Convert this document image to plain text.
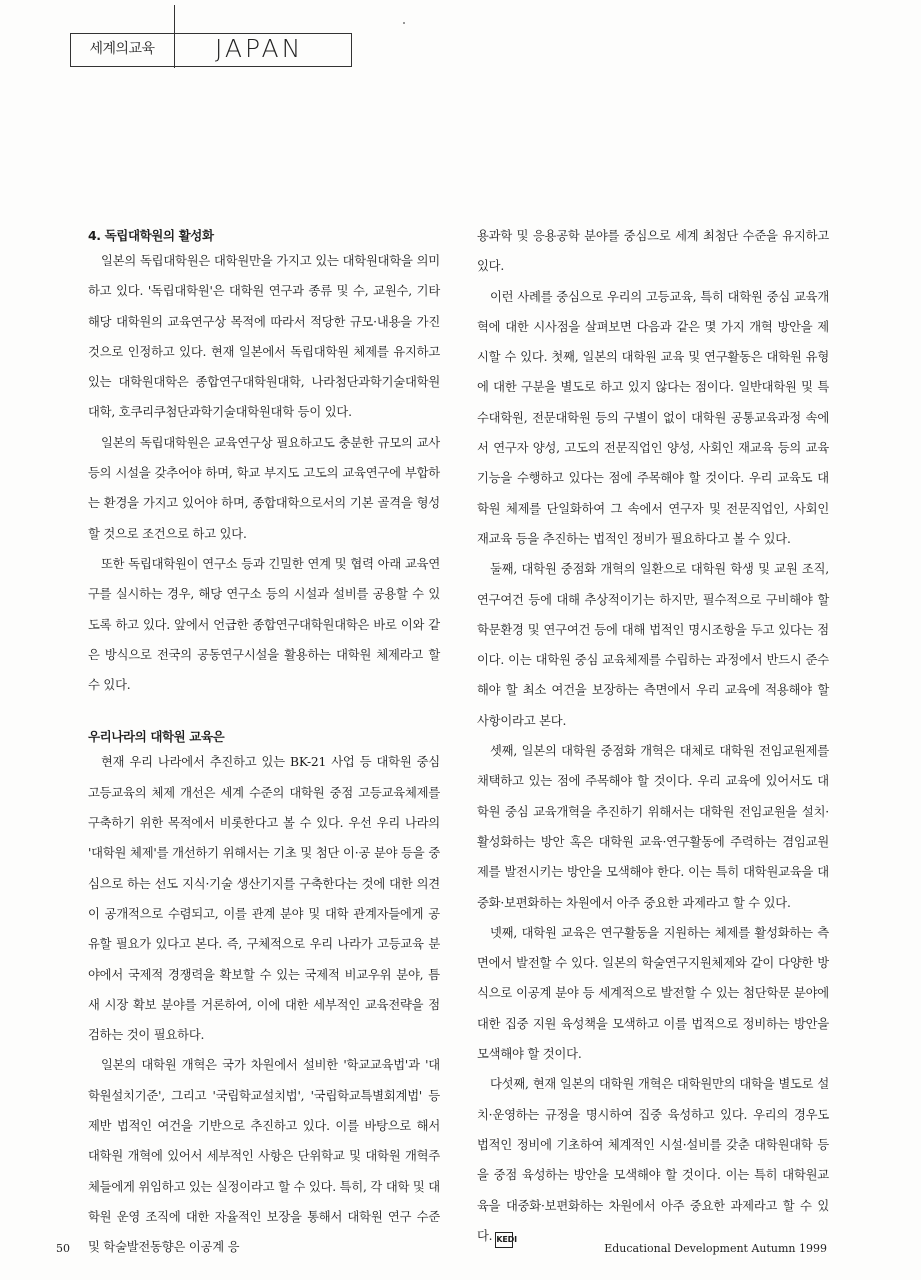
세계의교육	JAPAN
4. 독립대학원의 활성화

일본의 독립대학원은 대학원만을 가지고 있는 대학원대학을 의미하고 있다. '독립대학원'은 대학원 연구과 종류 및 수, 교원수, 기타 해당 대학원의 교육연구상 목적에 따라서 적당한 규모·내용을 가진 것으로 인정하고 있다. 현재 일본에서 독립대학원 체제를 유지하고 있는 대학원대학은 종합연구대학원대학, 나라첨단과학기술대학원대학, 호쿠리쿠첨단과학기술대학원대학 등이 있다.

일본의 독립대학원은 교육연구상 필요하고도 충분한 규모의 교사 등의 시설을 갖추어야 하며, 학교 부지도 고도의 교육연구에 부합하는 환경을 가지고 있어야 하며, 종합대학으로서의 기본 골격을 형성할 것으로 조건으로 하고 있다.

또한 독립대학원이 연구소 등과 긴밀한 연계 및 협력 아래 교육연구를 실시하는 경우, 해당 연구소 등의 시설과 설비를 공용할 수 있도록 하고 있다. 앞에서 언급한 종합연구대학원대학은 바로 이와 같은 방식으로 전국의 공동연구시설을 활용하는 대학원 체제라고 할 수 있다.

우리나라의 대학원 교육은

현재 우리 나라에서 추진하고 있는 BK-21 사업 등 대학원 중심 고등교육의 체제 개선은 세계 수준의 대학원 중점 고등교육체제를 구축하기 위한 목적에서 비롯한다고 볼 수 있다. 우선 우리 나라의 '대학원 체제'를 개선하기 위해서는 기초 및 첨단 이·공 분야 등을 중심으로 하는 선도 지식·기술 생산기지를 구축한다는 것에 대한 의견이 공개적으로 수렴되고, 이를 관계 분야 및 대학 관계자들에게 공유할 필요가 있다고 본다. 즉, 구체적으로 우리 나라가 고등교육 분야에서 국제적 경쟁력을 확보할 수 있는 국제적 비교우위 분야, 틈새 시장 확보 분야를 거론하여, 이에 대한 세부적인 교육전략을 점검하는 것이 필요하다.

일본의 대학원 개혁은 국가 차원에서 설비한 '학교교육법'과 '대학원설치기준', 그리고 '국립학교설치법', '국립학교특별회계법' 등 제반 법적인 여건을 기반으로 추진하고 있다. 이를 바탕으로 해서 대학원 개혁에 있어서 세부적인 사항은 단위학교 및 대학원 개혁주체들에게 위임하고 있는 실정이라고 할 수 있다. 특히, 각 대학 및 대학원 운영 조직에 대한 자율적인 보장을 통해서 대학원 연구 수준 및 학술발전동향은 이공계 응

용과학 및 응용공학 분야를 중심으로 세계 최첨단 수준을 유지하고 있다.

이런 사례를 중심으로 우리의 고등교육, 특히 대학원 중심 교육개혁에 대한 시사점을 살펴보면 다음과 같은 몇 가지 개혁 방안을 제시할 수 있다. 첫째, 일본의 대학원 교육 및 연구활동은 대학원 유형에 대한 구분을 별도로 하고 있지 않다는 점이다. 일반대학원 및 특수대학원, 전문대학원 등의 구별이 없이 대학원 공통교육과정 속에서 연구자 양성, 고도의 전문직업인 양성, 사회인 재교육 등의 교육기능을 수행하고 있다는 점에 주목해야 할 것이다. 우리 교육도 대학원 체제를 단일화하여 그 속에서 연구자 및 전문직업인, 사회인 재교육 등을 추진하는 법적인 정비가 필요하다고 볼 수 있다.

둘째, 대학원 중점화 개혁의 일환으로 대학원 학생 및 교원 조직, 연구여건 등에 대해 추상적이기는 하지만, 필수적으로 구비해야 할 학문환경 및 연구여건 등에 대해 법적인 명시조항을 두고 있다는 점이다. 이는 대학원 중심 교육체제를 수립하는 과정에서 반드시 준수해야 할 최소 여건을 보장하는 측면에서 우리 교육에 적용해야 할 사항이라고 본다.

셋째, 일본의 대학원 중점화 개혁은 대체로 대학원 전임교원제를 채택하고 있는 점에 주목해야 할 것이다. 우리 교육에 있어서도 대학원 중심 교육개혁을 추진하기 위해서는 대학원 전임교원을 설치·활성화하는 방안 혹은 대학원 교육·연구활동에 주력하는 겸임교원제를 발전시키는 방안을 모색해야 한다. 이는 특히 대학원교육을 대중화·보편화하는 차원에서 아주 중요한 과제라고 할 수 있다.

넷째, 대학원 교육은 연구활동을 지원하는 체제를 활성화하는 측면에서 발전할 수 있다. 일본의 학술연구지원체제와 같이 다양한 방식으로 이공계 분야 등 세계적으로 발전할 수 있는 첨단학문 분야에 대한 집중 지원 육성책을 모색하고 이를 법적으로 정비하는 방안을 모색해야 할 것이다.

다섯째, 현재 일본의 대학원 개혁은 대학원만의 대학을 별도로 설치·운영하는 규정을 명시하여 집중 육성하고 있다. 우리의 경우도 법적인 정비에 기초하여 체계적인 시설·설비를 갖춘 대학원대학 등을 중점 육성하는 방안을 모색해야 할 것이다. 이는 특히 대학원교육을 대중화·보편화하는 차원에서 아주 중요한 과제라고 할 수 있다. KEDI

50	Educational Development Autumn 1999
